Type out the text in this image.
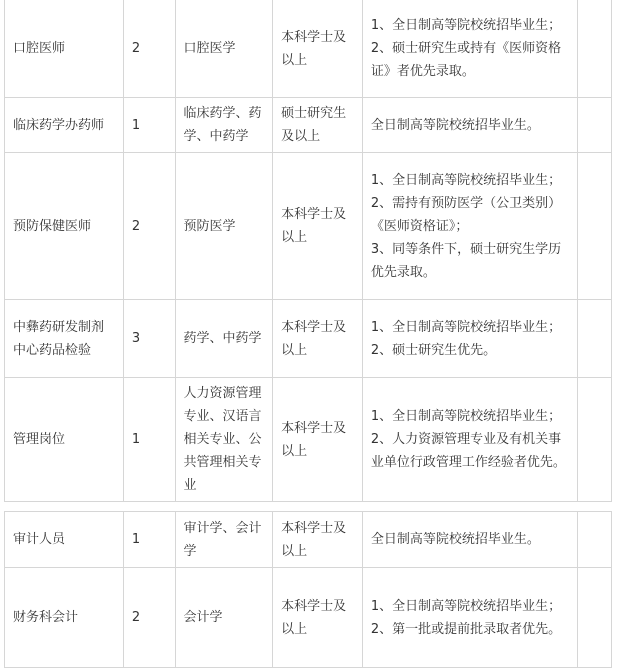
口腔医师	2	口腔医学	本科学士及以上	1、全日制高等院校统招毕业生；
2、硕士研究生或持有《医师资格证》者优先录取。	

临床药学办药师	1	临床药学、药学、中药学	硕士研究生及以上	全日制高等院校统招毕业生。	

预防保健医师	2	预防医学	本科学士及以上	1、全日制高等院校统招毕业生；
2、需持有预防医学（公卫类别）《医师资格证》；
3、同等条件下，硕士研究生学历优先录取。	

中彝药研发制剂中心药品检验	3	药学、中药学	本科学士及以上	1、全日制高等院校统招毕业生；
2、硕士研究生优先。	

管理岗位	1	人力资源管理专业、汉语言相关专业、公共管理相关专业	本科学士及以上	1、全日制高等院校统招毕业生；
2、人力资源管理专业及有机关事业单位行政管理工作经验者优先。	

审计人员	1	审计学、会计学	本科学士及以上	全日制高等院校统招毕业生。	

财务科会计	2	会计学	本科学士及以上	1、全日制高等院校统招毕业生；
2、第一批或提前批录取者优先。	
